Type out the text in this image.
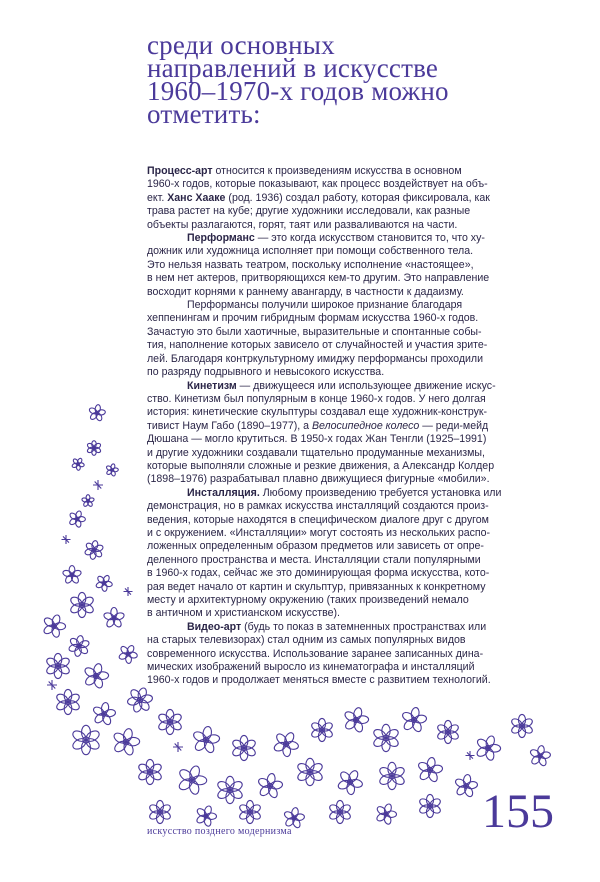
среди основных
направлений в искусстве
1960–1970-х годов можно
отметить:

Процесс-арт относится к произведениям искусства в основном
1960-х годов, которые показывают, как процесс воздействует на объ-
ект. Ханс Хааке (род. 1936) создал работу, которая фиксировала, как
трава растет на кубе; другие художники исследовали, как разные
объекты разлагаются, горят, таят или разваливаются на части.

Перформанс — это когда искусством становится то, что ху-
дожник или художница исполняет при помощи собственного тела.
Это нельзя назвать театром, поскольку исполнение «настоящее»,
в нем нет актеров, притворяющихся кем-то другим. Это направление
восходит корнями к раннему авангарду, в частности к дадаизму.

Перформансы получили широкое признание благодаря
хеппенингам и прочим гибридным формам искусства 1960-х годов.
Зачастую это были хаотичные, выразительные и спонтанные собы-
тия, наполнение которых зависело от случайностей и участия зрите-
лей. Благодаря контркультурному имиджу перформансы проходили
по разряду подрывного и невысокого искусства.

Кинетизм — движущееся или использующее движение искус-
ство. Кинетизм был популярным в конце 1960-х годов. У него долгая
история: кинетические скульптуры создавал еще художник-конструк-
тивист Наум Габо (1890–1977), а Велосипедное колесо — реди-мейд
Дюшана — могло крутиться. В 1950-х годах Жан Тенгли (1925–1991)
и другие художники создавали тщательно продуманные механизмы,
которые выполняли сложные и резкие движения, а Александр Колдер
(1898–1976) разрабатывал плавно движущиеся фигурные «мобили».

Инсталляция. Любому произведению требуется установка или
демонстрация, но в рамках искусства инсталляций создаются произ-
ведения, которые находятся в специфическом диалоге друг с другом
и с окружением. «Инсталляции» могут состоять из нескольких распо-
ложенных определенным образом предметов или зависеть от опре-
деленного пространства и места. Инсталляции стали популярными
в 1960-х годах, сейчас же это доминирующая форма искусства, кото-
рая ведет начало от картин и скульптур, привязанных к конкретному
месту и архитектурному окружению (таких произведений немало
в античном и христианском искусстве).

Видео-арт (будь то показ в затемненных пространствах или
на старых телевизорах) стал одним из самых популярных видов
современного искусства. Использование заранее записанных дина-
мических изображений выросло из кинематографа и инсталляций
1960-х годов и продолжает меняться вместе с развитием технологий.

искусство позднего модернизма	155
